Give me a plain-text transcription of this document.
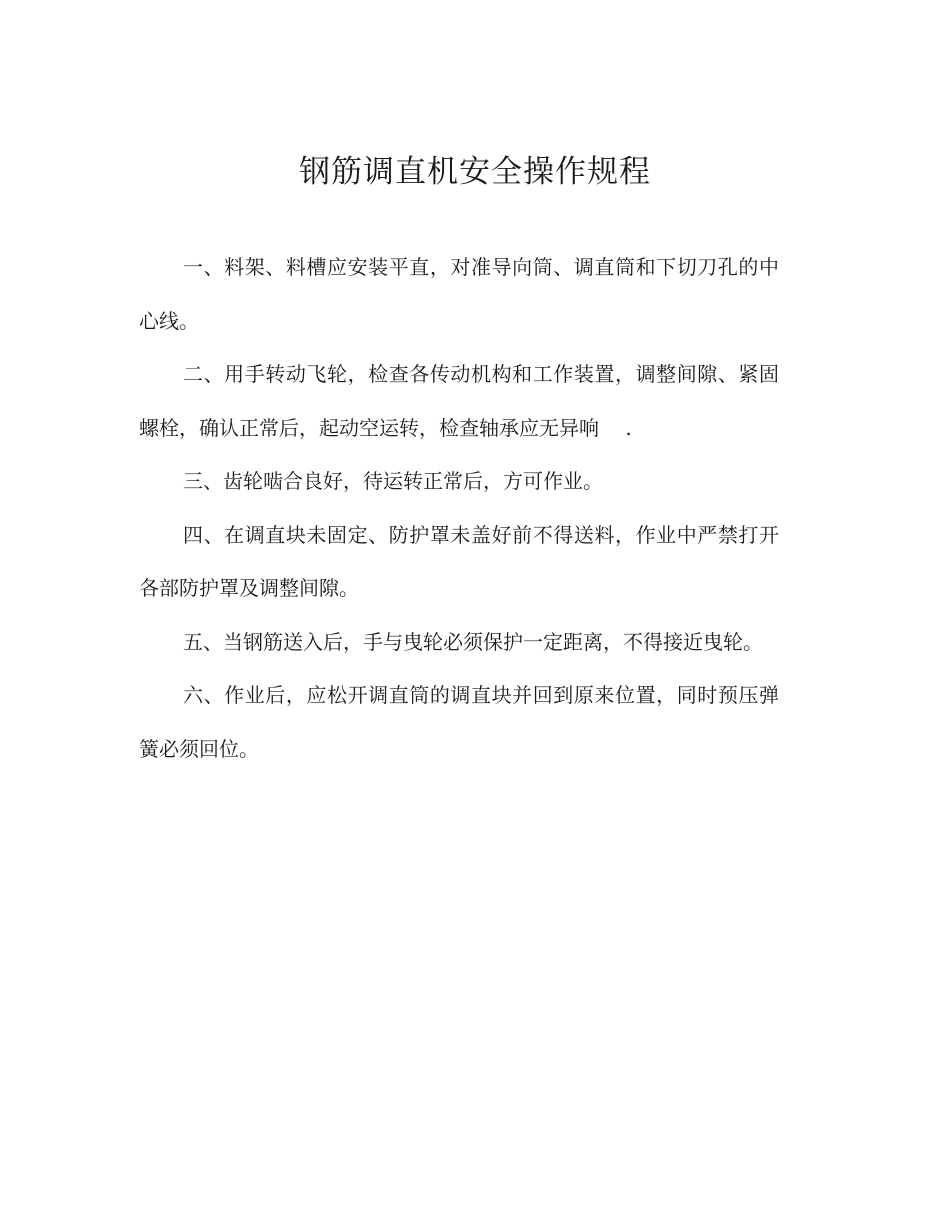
钢筋调直机安全操作规程

一、料架、料槽应安装平直，对准导向筒、调直筒和下切刀孔的中心线。

二、用手转动飞轮，检查各传动机构和工作装置，调整间隙、紧固螺栓，确认正常后，起动空运转，检查轴承应无异响　 .

三、齿轮啮合良好，待运转正常后，方可作业。

四、在调直块未固定、防护罩未盖好前不得送料，作业中严禁打开各部防护罩及调整间隙。

五、当钢筋送入后，手与曳轮必须保护一定距离，不得接近曳轮。

六、作业后，应松开调直筒的调直块并回到原来位置，同时预压弹簧必须回位。
